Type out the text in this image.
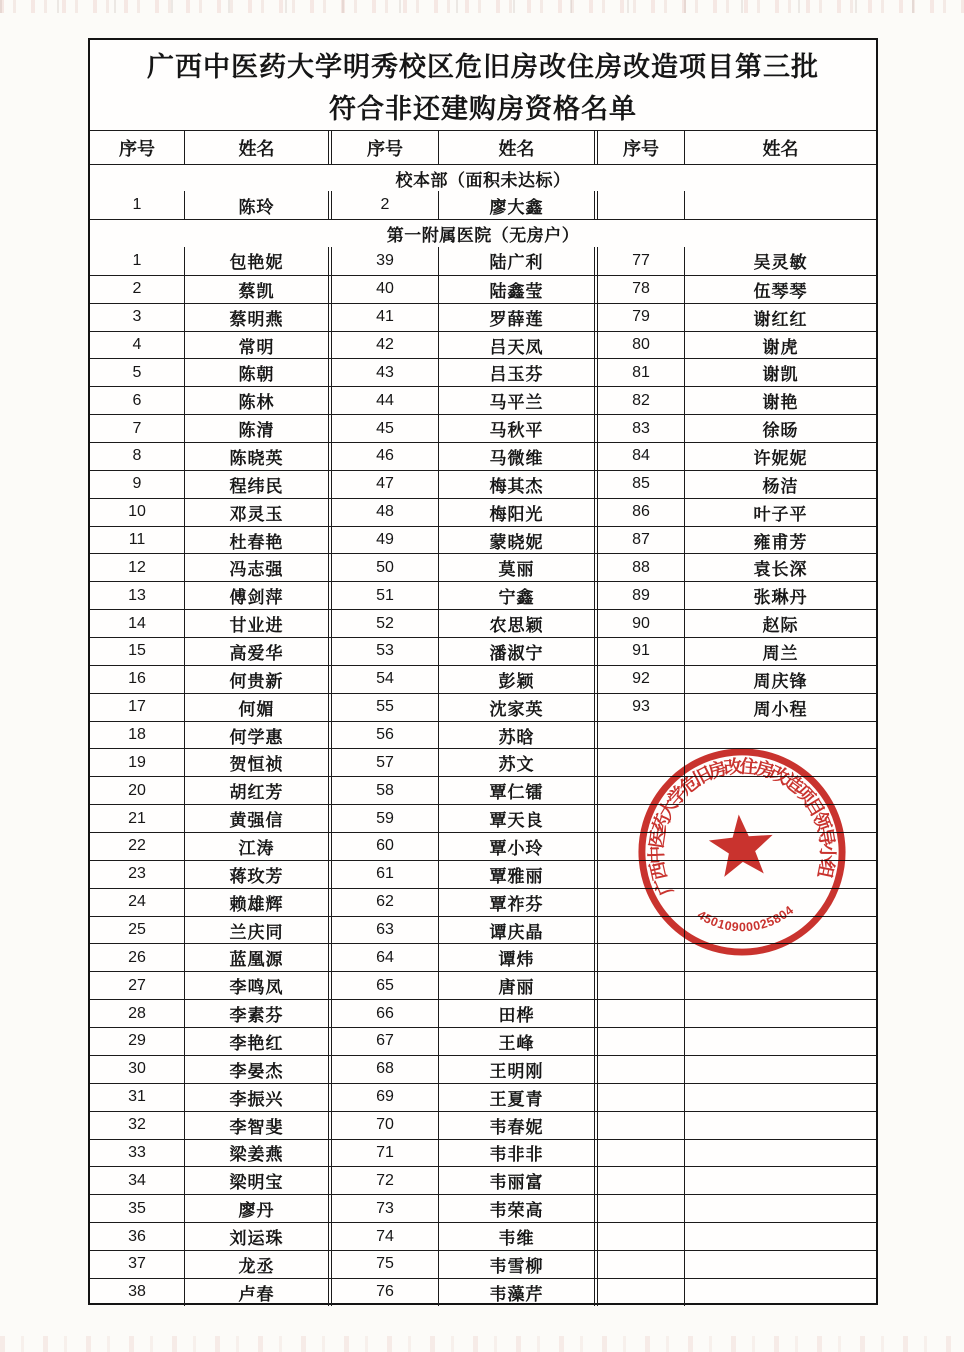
广西中医药大学明秀校区危旧房改住房改造项目第三批
符合非还建购房资格名单
序号	姓名	序号	姓名	序号	姓名
校本部（面积未达标）
1	陈玲	2	廖大鑫
第一附属医院（无房户）
1	包艳妮	39	陆广利	77	吴灵敏
2	蔡凯	40	陆鑫莹	78	伍琴琴
3	蔡明燕	41	罗薛莲	79	谢红红
4	常明	42	吕天凤	80	谢虎
5	陈朝	43	吕玉芬	81	谢凯
6	陈林	44	马平兰	82	谢艳
7	陈清	45	马秋平	83	徐旸
8	陈晓英	46	马微维	84	许妮妮
9	程纬民	47	梅其杰	85	杨洁
10	邓灵玉	48	梅阳光	86	叶子平
11	杜春艳	49	蒙晓妮	87	雍甫芳
12	冯志强	50	莫丽	88	袁长深
13	傅剑萍	51	宁鑫	89	张琳丹
14	甘业进	52	农思颖	90	赵际
15	高爱华	53	潘淑宁	91	周兰
16	何贵新	54	彭颖	92	周庆锋
17	何媚	55	沈家英	93	周小程
18	何学惠	56	苏晗
19	贺恒祯	57	苏文
20	胡红芳	58	覃仁镭
21	黄强信	59	覃天良
22	江涛	60	覃小玲
23	蒋玫芳	61	覃雅丽
24	赖雄辉	62	覃祚芬
25	兰庆同	63	谭庆晶
26	蓝凰源	64	谭炜
27	李鸣凤	65	唐丽
28	李素芬	66	田桦
29	李艳红	67	王峰
30	李晏杰	68	王明刚
31	李振兴	69	王夏青
32	李智斐	70	韦春妮
33	梁姜燕	71	韦非非
34	梁明宝	72	韦丽富
35	廖丹	73	韦荣高
36	刘运珠	74	韦维
37	龙丞	75	韦雪柳
38	卢春	76	韦藻芹
广西中医药大学危旧房改住房改造项目领导小组
45010900025804
